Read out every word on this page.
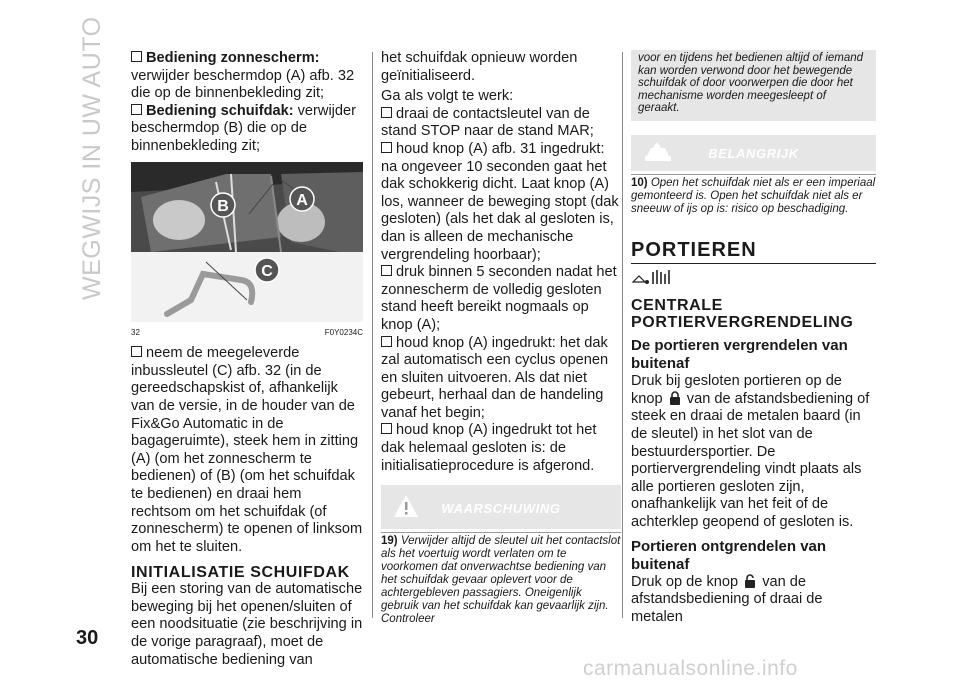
WEGWIJS IN UW AUTO	Bediening zonnescherm: verwijder beschermdop (A) afb. 32 die op de binnenbekleding zit;

Bediening schuifdak: verwijder beschermdop (B) die op de binnenbekleding zit;

B	A
C
32	F0Y0234C

neem de meegeleverde inbussleutel (C) afb. 32 (in de gereedschapskist of, afhankelijk van de versie, in de houder van de Fix&Go Automatic in de bagageruimte), steek hem in zitting (A) (om het zonnescherm te bedienen) of (B) (om het schuifdak te bedienen) en draai hem rechtsom om het schuifdak (of zonnescherm) te openen of linksom om het te sluiten.

INITIALISATIE SCHUIFDAK

Bij een storing van de automatische beweging bij het openen/sluiten of een noodsituatie (zie beschrijving in de vorige paragraaf), moet de automatische bediening van

het schuifdak opnieuw worden geïnitialiseerd.

Ga als volgt te werk:

draai de contactsleutel van de stand STOP naar de stand MAR;

houd knop (A) afb. 31 ingedrukt: na ongeveer 10 seconden gaat het dak schokkerig dicht. Laat knop (A) los, wanneer de beweging stopt (dak gesloten) (als het dak al gesloten is, dan is alleen de mechanische vergrendeling hoorbaar);

druk binnen 5 seconden nadat het zonnescherm de volledig gesloten stand heeft bereikt nogmaals op knop (A);

houd knop (A) ingedrukt: het dak zal automatisch een cyclus openen en sluiten uitvoeren. Als dat niet gebeurt, herhaal dan de handeling vanaf het begin;

houd knop (A) ingedrukt tot het dak helemaal gesloten is: de initialisatieprocedure is afgerond.

WAARSCHUWING
19) Verwijder altijd de sleutel uit het contactslot als het voertuig wordt verlaten om te voorkomen dat onverwachtse bediening van het schuifdak gevaar oplevert voor de achtergebleven passagiers. Oneigenlijk gebruik van het schuifdak kan gevaarlijk zijn. Controleer
voor en tijdens het bedienen altijd of iemand kan worden verwond door het bewegende schuifdak of door voorwerpen die door het mechanisme worden meegesleept of geraakt.
BELANGRIJK
10) Open het schuifdak niet als er een imperiaal gemonteerd is. Open het schuifdak niet als er sneeuw of ijs op is: risico op beschadiging.
PORTIEREN
CENTRALE PORTIERVERGRENDELING
De portieren vergrendelen van buitenaf

Druk bij gesloten portieren op de knop van de afstandsbediening of steek en draai de metalen baard (in de sleutel) in het slot van de bestuurdersportier. De portiervergrendeling vindt plaats als alle portieren gesloten zijn, onafhankelijk van het feit of de achterklep geopend of gesloten is.

Portieren ontgrendelen van buitenaf

Druk op de knop van de afstandsbediening of draai de metalen

30
carmanualsonline.info
